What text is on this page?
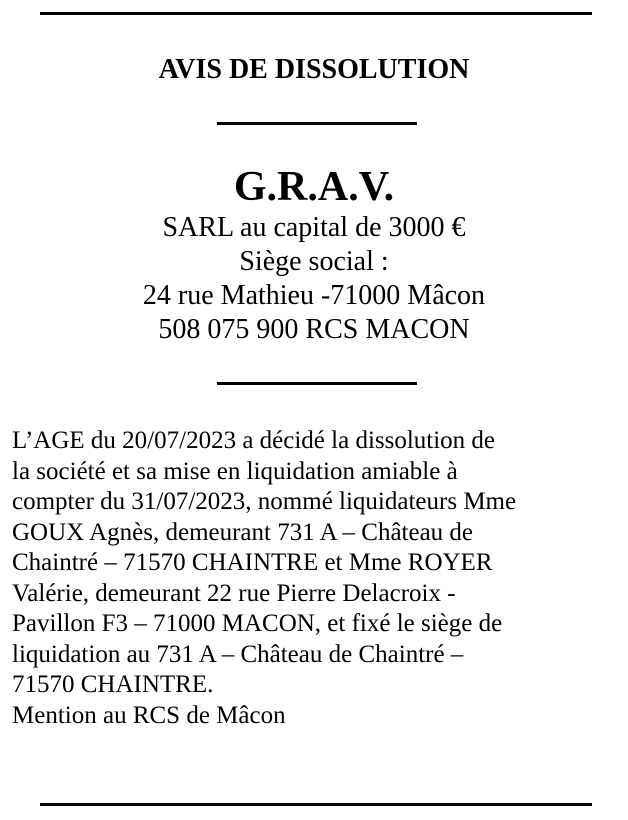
AVIS DE DISSOLUTION
G.R.A.V.
SARL au capital de 3000 €
Siège social :
24 rue Mathieu -71000 Mâcon
508 075 900 RCS MACON
L’AGE du 20/07/2023 a décidé la dissolution de
la société et sa mise en liquidation amiable à
compter du 31/07/2023, nommé liquidateurs Mme
GOUX Agnès, demeurant 731 A – Château de
Chaintré – 71570 CHAINTRE et Mme ROYER
Valérie, demeurant 22 rue Pierre Delacroix -
Pavillon F3 – 71000 MACON, et fixé le siège de
liquidation au 731 A – Château de Chaintré –
71570 CHAINTRE.
Mention au RCS de Mâcon
